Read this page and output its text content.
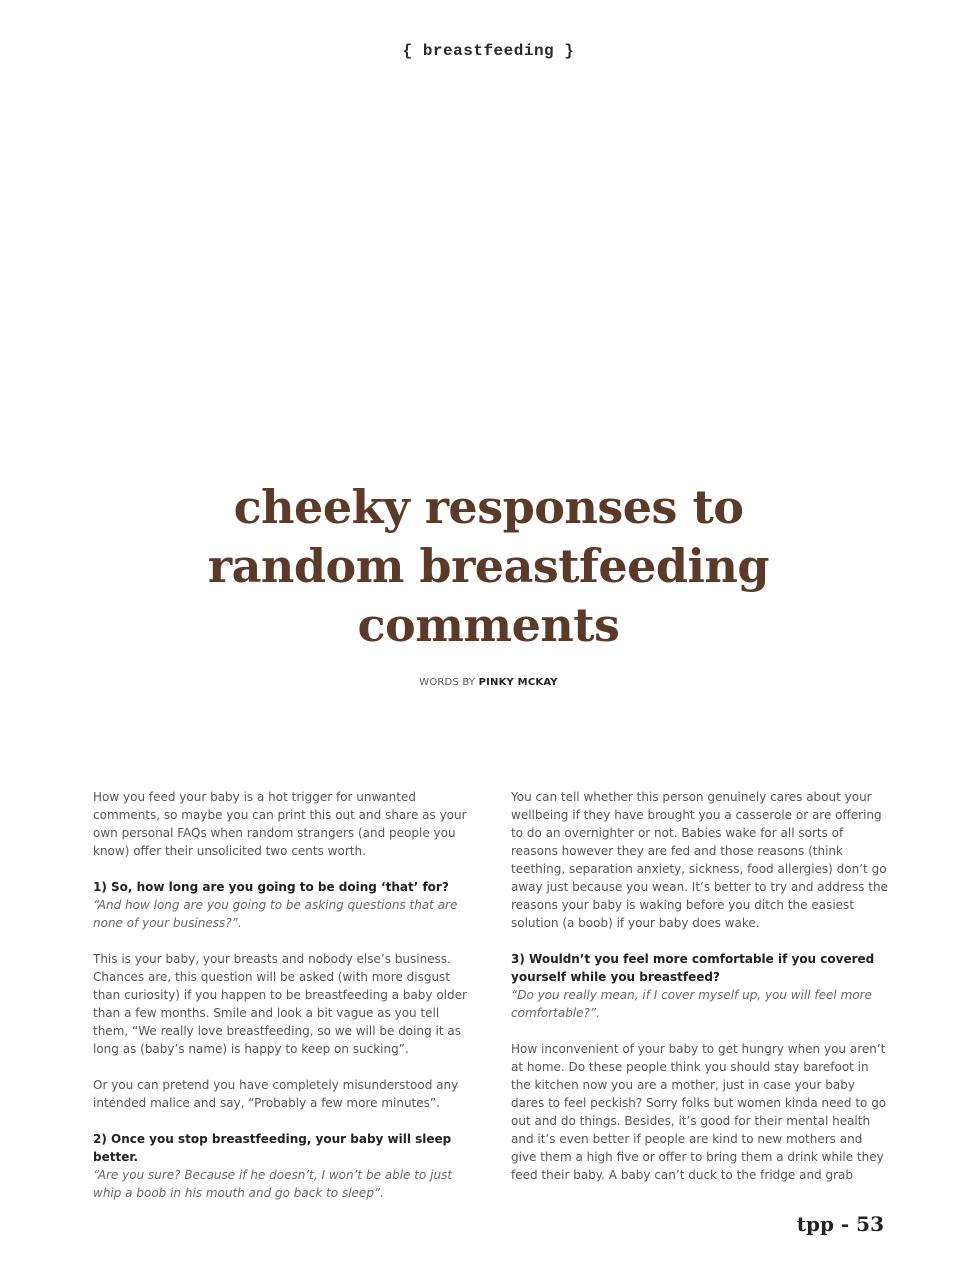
{ breastfeeding }
cheeky responses to
random breastfeeding
comments
WORDS BY PINKY MCKAY

How you feed your baby is a hot trigger for unwanted comments, so maybe you can print this out and share as your own personal FAQs when random strangers (and people you know) offer their unsolicited two cents worth.

1) So, how long are you going to be doing ‘that’ for?
“And how long are you going to be asking questions that are none of your business?”.

This is your baby, your breasts and nobody else’s business. Chances are, this question will be asked (with more disgust than curiosity) if you happen to be breastfeeding a baby older than a few months. Smile and look a bit vague as you tell them, “We really love breastfeeding, so we will be doing it as long as (baby’s name) is happy to keep on sucking”.

Or you can pretend you have completely misunderstood any intended malice and say, “Probably a few more minutes”.

2) Once you stop breastfeeding, your baby will sleep better.
“Are you sure? Because if he doesn’t, I won’t be able to just whip a boob in his mouth and go back to sleep”.

You can tell whether this person genuinely cares about your wellbeing if they have brought you a casserole or are offering to do an overnighter or not. Babies wake for all sorts of reasons however they are fed and those reasons (think teething, separation anxiety, sickness, food allergies) don’t go away just because you wean. It’s better to try and address the reasons your baby is waking before you ditch the easiest solution (a boob) if your baby does wake.

3) Wouldn’t you feel more comfortable if you covered yourself while you breastfeed?
“Do you really mean, if I cover myself up, you will feel more comfortable?”.

How inconvenient of your baby to get hungry when you aren’t at home. Do these people think you should stay barefoot in the kitchen now you are a mother, just in case your baby dares to feel peckish? Sorry folks but women kinda need to go out and do things. Besides, it’s good for their mental health and it’s even better if people are kind to new mothers and give them a high five or offer to bring them a drink while they feed their baby. A baby can’t duck to the fridge and grab

tpp - 53
